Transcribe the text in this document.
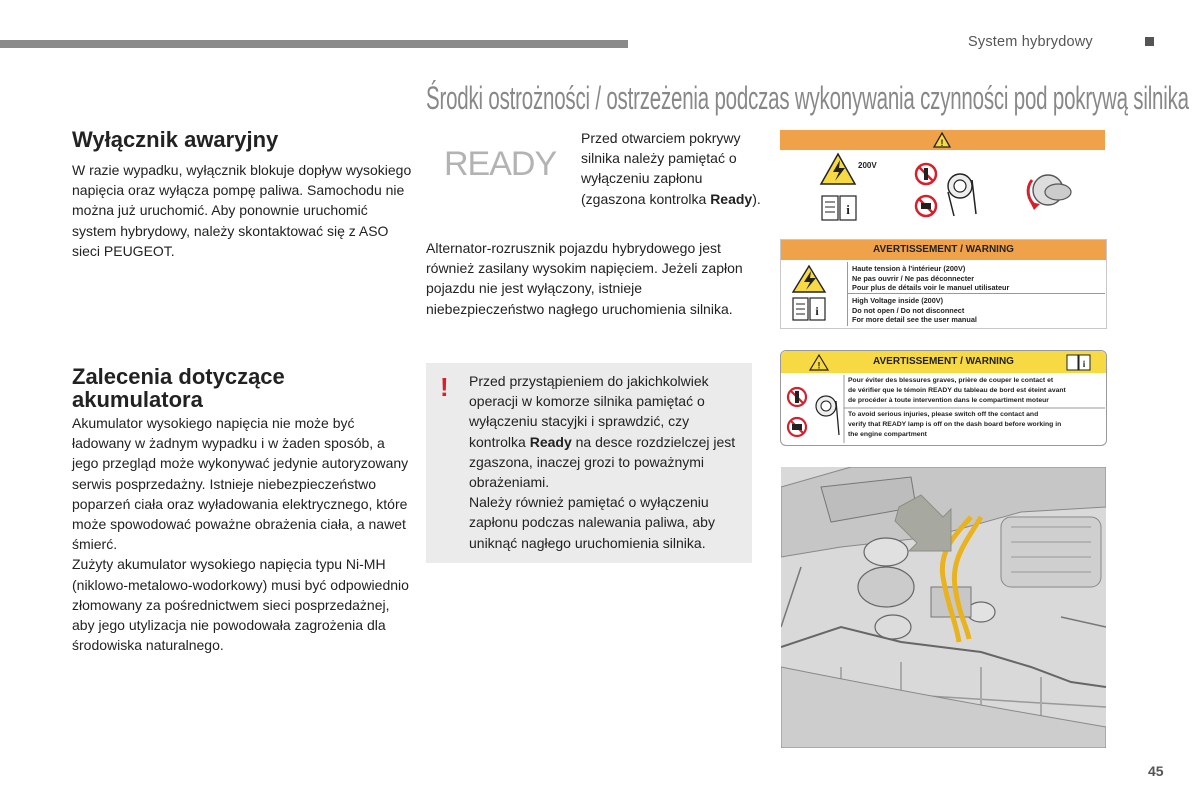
System hybrydowy
Środki ostrożności / ostrzeżenia podczas wykonywania czynności pod pokrywą silnika
Wyłącznik awaryjny
W razie wypadku, wyłącznik blokuje dopływ wysokiego napięcia oraz wyłącza pompę paliwa. Samochodu nie można już uruchomić. Aby ponownie uruchomić system hybrydowy, należy skontaktować się z ASO sieci PEUGEOT.
Zalecenia dotyczące akumulatora
Akumulator wysokiego napięcia nie może być ładowany w żadnym wypadku i w żaden sposób, a jego przegląd może wykonywać jedynie autoryzowany serwis posprzedażny. Istnieje niebezpieczeństwo poparzeń ciała oraz wyładowania elektrycznego, które może spowodować poważne obrażenia ciała, a nawet śmierć.
Zużyty akumulator wysokiego napięcia typu Ni-MH (niklowo-metalowo-wodorkowy) musi być odpowiednio złomowany za pośrednictwem sieci posprzedażnej, aby jego utylizacja nie powodowała zagrożenia dla środowiska naturalnego.
READY
Przed otwarciem pokrywy silnika należy pamiętać o wyłączeniu zapłonu (zgaszona kontrolka Ready).
Alternator-rozrusznik pojazdu hybrydowego jest również zasilany wysokim napięciem. Jeżeli zapłon pojazdu nie jest wyłączony, istnieje niebezpieczeństwo nagłego uruchomienia silnika.
! Przed przystąpieniem do jakichkolwiek operacji w komorze silnika pamiętać o wyłączeniu stacyjki i sprawdzić, czy kontrolka Ready na desce rozdzielczej jest zgaszona, inaczej grozi to poważnymi obrażeniami.
Należy również pamiętać o wyłączeniu zapłonu podczas nalewania paliwa, aby uniknąć nagłego uruchomienia silnika.
!
200V
i
AVERTISSEMENT / WARNING
i
Haute tension à l'intérieur (200V)
Ne pas ouvrir / Ne pas déconnecter
Pour plus de détails voir le manuel utilisateur
High Voltage inside (200V)
Do not open / Do not disconnect
For more detail see the user manual
AVERTISSEMENT / WARNING
!	i
Pour éviter des blessures graves, prière de couper le contact et
de vérifier que le témoin READY du tableau de bord est éteint avant
de procéder à toute intervention dans le compartiment moteur
To avoid serious injuries, please switch off the contact and
verify that READY lamp is off on the dash board before working in
the engine compartment
45
